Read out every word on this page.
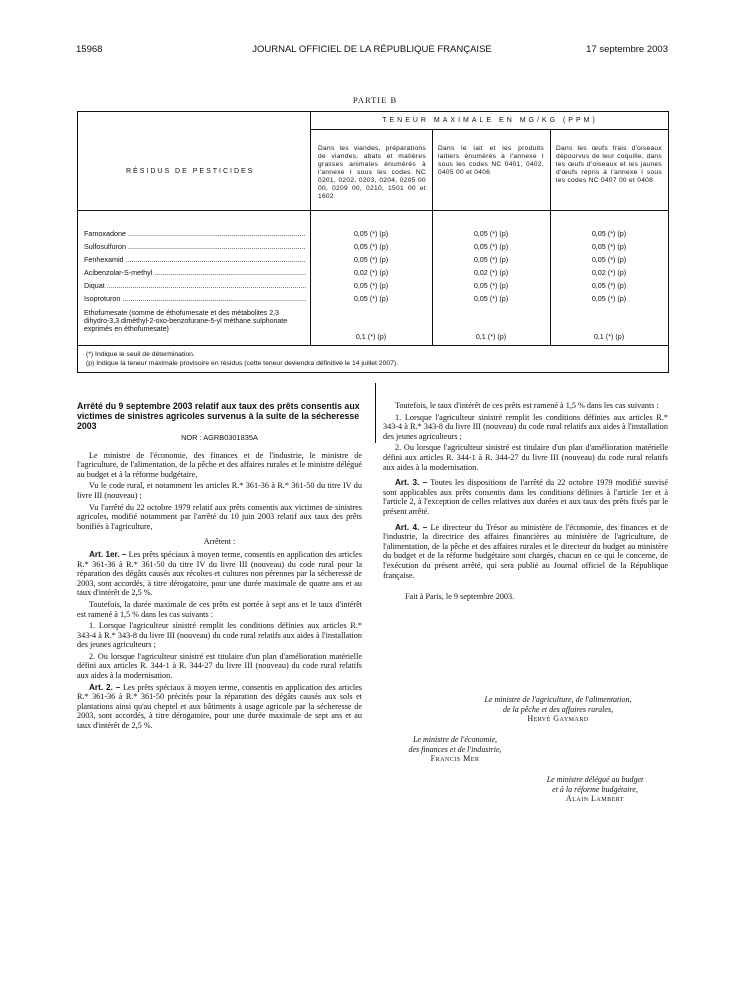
15968	JOURNAL OFFICIEL DE LA RÉPUBLIQUE FRANÇAISE	17 septembre 2003
PARTIE B
RÉSIDUS DE PESTICIDES
TENEUR MAXIMALE EN MG/KG (PPM)
Dans les viandes, préparations de viandes, abats et matières grasses animales énumérés à l'annexe I sous les codes NC 0201, 0202, 0203, 0204, 0205 00 00, 0209 00, 0210, 1501 00 et 1602
Dans le lait et les produits laitiers énumérés à l'annexe I sous les codes NC 0401, 0402, 0405 00 et 0406
Dans les œufs frais d'oiseaux dépourvus de leur coquille, dans les œufs d'oiseaux et les jaunes d'œufs repris à l'annexe I sous les codes NC 0407 00 et 0408
Famoxadone .....	0,05 (*) (p)	0,05 (*) (p)	0,05 (*) (p)
Sulfosulfuron .....	0,05 (*) (p)	0,05 (*) (p)	0,05 (*) (p)
Fenhexamid .....	0,05 (*) (p)	0,05 (*) (p)	0,05 (*) (p)
Acibenzolar-S-methyl .....	0,02 (*) (p)	0,02 (*) (p)	0,02 (*) (p)
Diquat .....	0,05 (*) (p)	0,05 (*) (p)	0,05 (*) (p)
Isoproturon .....	0,05 (*) (p)	0,05 (*) (p)	0,05 (*) (p)
Ethofumesate (somme de éthofumesate et des métabolites 2,3 dihydro-3,3 diméthyl-2-oxo-benzofurane-5-yl méthane sulphonate exprimés en éthofumesate)
0,1 (*) (p)	0,1 (*) (p)	0,1 (*) (p)
(*) Indique le seuil de détermination.
(p) Indique la teneur maximale provisoire en résidus (cette teneur deviendra définitive le 14 juillet 2007).

Arrêté du 9 septembre 2003 relatif aux taux des prêts consentis aux victimes de sinistres agricoles survenus à la suite de la sécheresse 2003

NOR : AGRB0301835A

Le ministre de l'économie, des finances et de l'industrie, le ministre de l'agriculture, de l'alimentation, de la pêche et des affaires rurales et le ministre délégué au budget et à la réforme budgétaire,

Vu le code rural, et notamment les articles R.* 361-36 à R.* 361-50 du titre IV du livre III (nouveau) ;

Vu l'arrêté du 22 octobre 1979 relatif aux prêts consentis aux victimes de sinistres agricoles, modifié notamment par l'arrêté du 10 juin 2003 relatif aux taux des prêts bonifiés à l'agriculture,

Arrêtent :

Art. 1er. – Les prêts spéciaux à moyen terme, consentis en application des articles R.* 361-36 à R.* 361-50 du titre IV du livre III (nouveau) du code rural pour la réparation des dégâts causés aux récoltes et cultures non pérennes par la sécheresse de 2003, sont accordés, à titre dérogatoire, pour une durée maximale de quatre ans et au taux d'intérêt de 2,5 %.

Toutefois, la durée maximale de ces prêts est portée à sept ans et le taux d'intérêt est ramené à 1,5 % dans les cas suivants :

1. Lorsque l'agriculteur sinistré remplit les conditions définies aux articles R.* 343-4 à R.* 343-8 du livre III (nouveau) du code rural relatifs aux aides à l'installation des jeunes agriculteurs ;

2. Ou lorsque l'agriculteur sinistré est titulaire d'un plan d'amélioration matérielle défini aux articles R. 344-1 à R. 344-27 du livre III (nouveau) du code rural relatifs aux aides à la modernisation.

Art. 2. – Les prêts spéciaux à moyen terme, consentis en application des articles R.* 361-36 à R.* 361-50 précités pour la réparation des dégâts causés aux sols et plantations ainsi qu'au cheptel et aux bâtiments à usage agricole par la sécheresse de 2003, sont accordés, à titre dérogatoire, pour une durée maximale de sept ans et au taux d'intérêt de 2,5 %.

Toutefois, le taux d'intérêt de ces prêts est ramené à 1,5 % dans les cas suivants :

1. Lorsque l'agriculteur sinistré remplit les conditions définies aux articles R.* 343-4 à R.* 343-8 du livre III (nouveau) du code rural relatifs aux aides à l'installation des jeunes agriculteurs ;

2. Ou lorsque l'agriculteur sinistré est titulaire d'un plan d'amélioration matérielle défini aux articles R. 344-1 à R. 344-27 du livre III (nouveau) du code rural relatifs aux aides à la modernisation.

Art. 3. – Toutes les dispositions de l'arrêté du 22 octobre 1979 modifié susvisé sont applicables aux prêts consentis dans les conditions définies à l'article 1er et à l'article 2, à l'exception de celles relatives aux durées et aux taux des prêts fixés par le présent arrêté.

Art. 4. – Le directeur du Trésor au ministère de l'économie, des finances et de l'industrie, la directrice des affaires financières au ministère de l'agriculture, de l'alimentation, de la pêche et des affaires rurales et le directeur du budget au ministère du budget et de la réforme budgétaire sont chargés, chacun en ce qui le concerne, de l'exécution du présent arrêté, qui sera publié au Journal officiel de la République française.

Fait à Paris, le 9 septembre 2003.

Le ministre de l'agriculture, de l'alimentation,
de la pêche et des affaires rurales,
Hervé Gaymard
Le ministre de l'économie,
des finances et de l'industrie,
Francis Mer
Le ministre délégué au budget
et à la réforme budgétaire,
Alain Lambert
